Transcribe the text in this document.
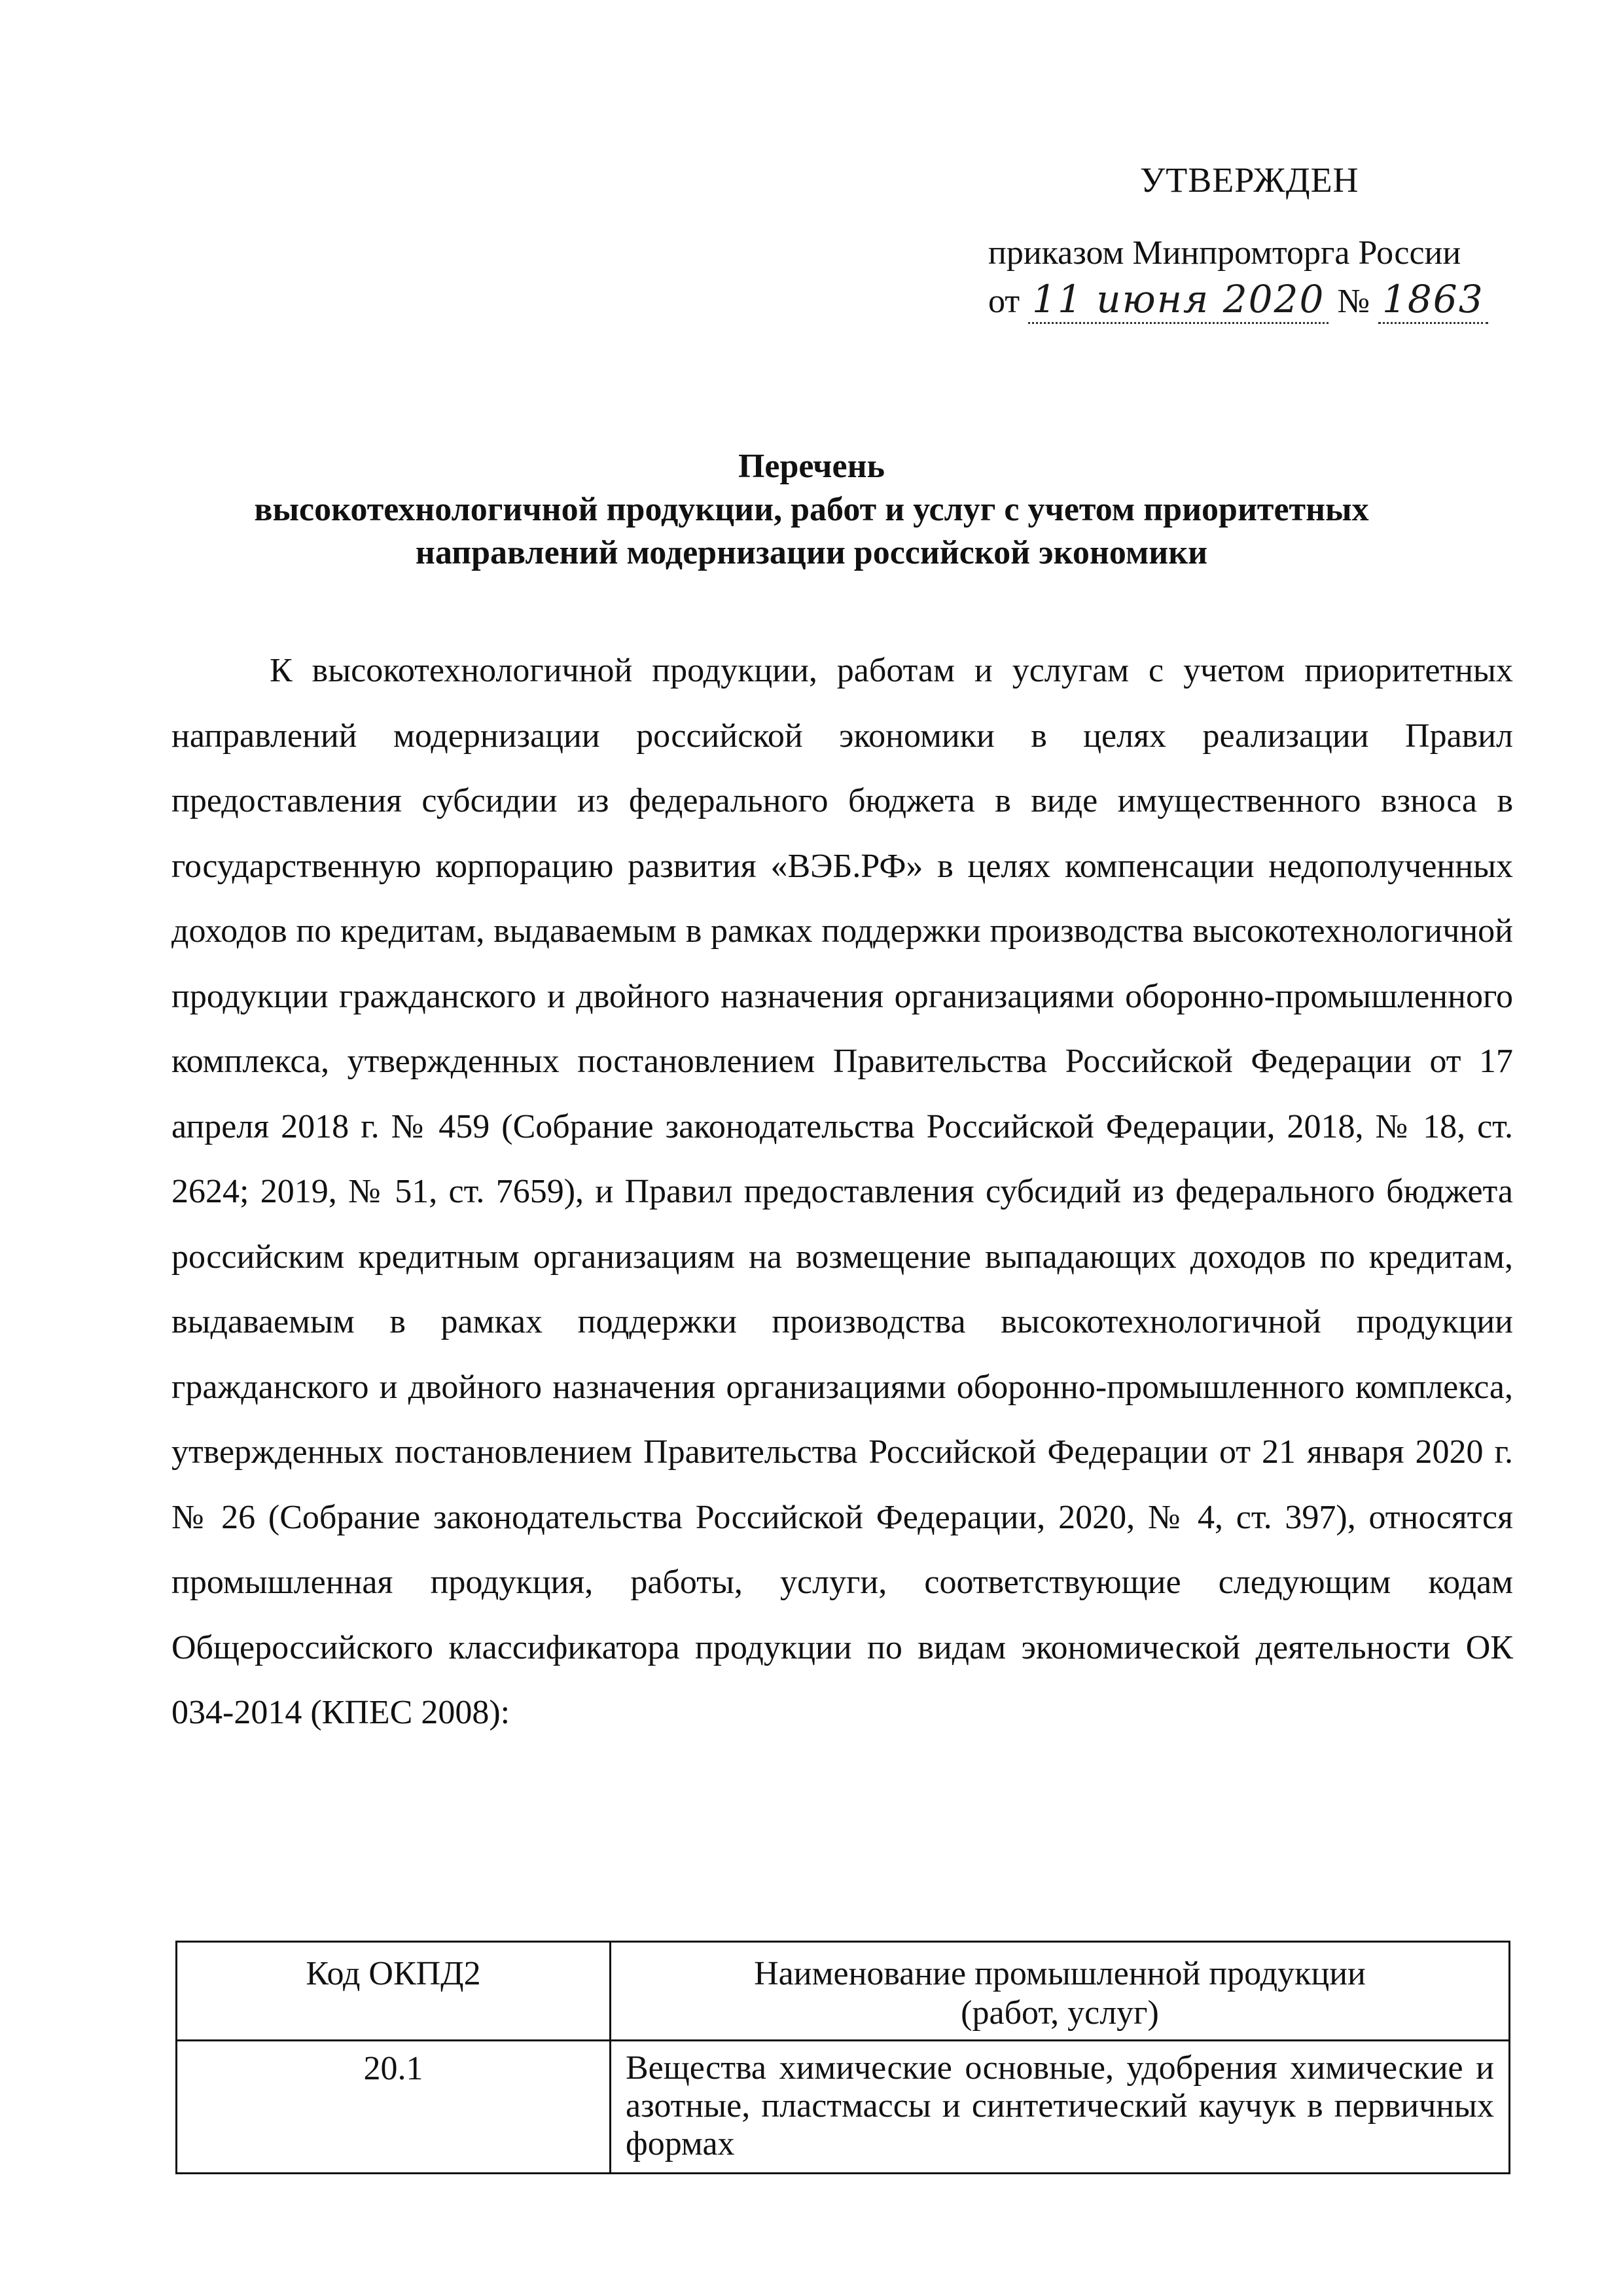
УТВЕРЖДЕН
приказом Минпромторга России
от 11 июня 2020 № 1863
Перечень
высокотехнологичной продукции, работ и услуг с учетом приоритетных
направлений модернизации российской экономики
К высокотехнологичной продукции, работам и услугам с учетом приоритетных направлений модернизации российской экономики в целях реализации Правил предоставления субсидии из федерального бюджета в виде имущественного взноса в государственную корпорацию развития «ВЭБ.РФ» в целях компенсации недополученных доходов по кредитам, выдаваемым в рамках поддержки производства высокотехнологичной продукции гражданского и двойного назначения организациями оборонно-промышленного комплекса, утвержденных постановлением Правительства Российской Федерации от 17 апреля 2018 г. № 459 (Собрание законодательства Российской Федерации, 2018, № 18, ст. 2624; 2019, № 51, ст. 7659), и Правил предоставления субсидий из федерального бюджета российским кредитным организациям на возмещение выпадающих доходов по кредитам, выдаваемым в рамках поддержки производства высокотехнологичной продукции гражданского и двойного назначения организациями оборонно-промышленного комплекса, утвержденных постановлением Правительства Российской Федерации от 21 января 2020 г. № 26 (Собрание законодательства Российской Федерации, 2020, № 4, ст. 397), относятся промышленная продукция, работы, услуги, соответствующие следующим кодам Общероссийского классификатора продукции по видам экономической деятельности ОК 034-2014 (КПЕС 2008):
Код ОКПД2	Наименование промышленной продукции
(работ, услуг)

20.1	Вещества химические основные, удобрения химические и азотные, пластмассы и синтетический каучук в первичных формах
